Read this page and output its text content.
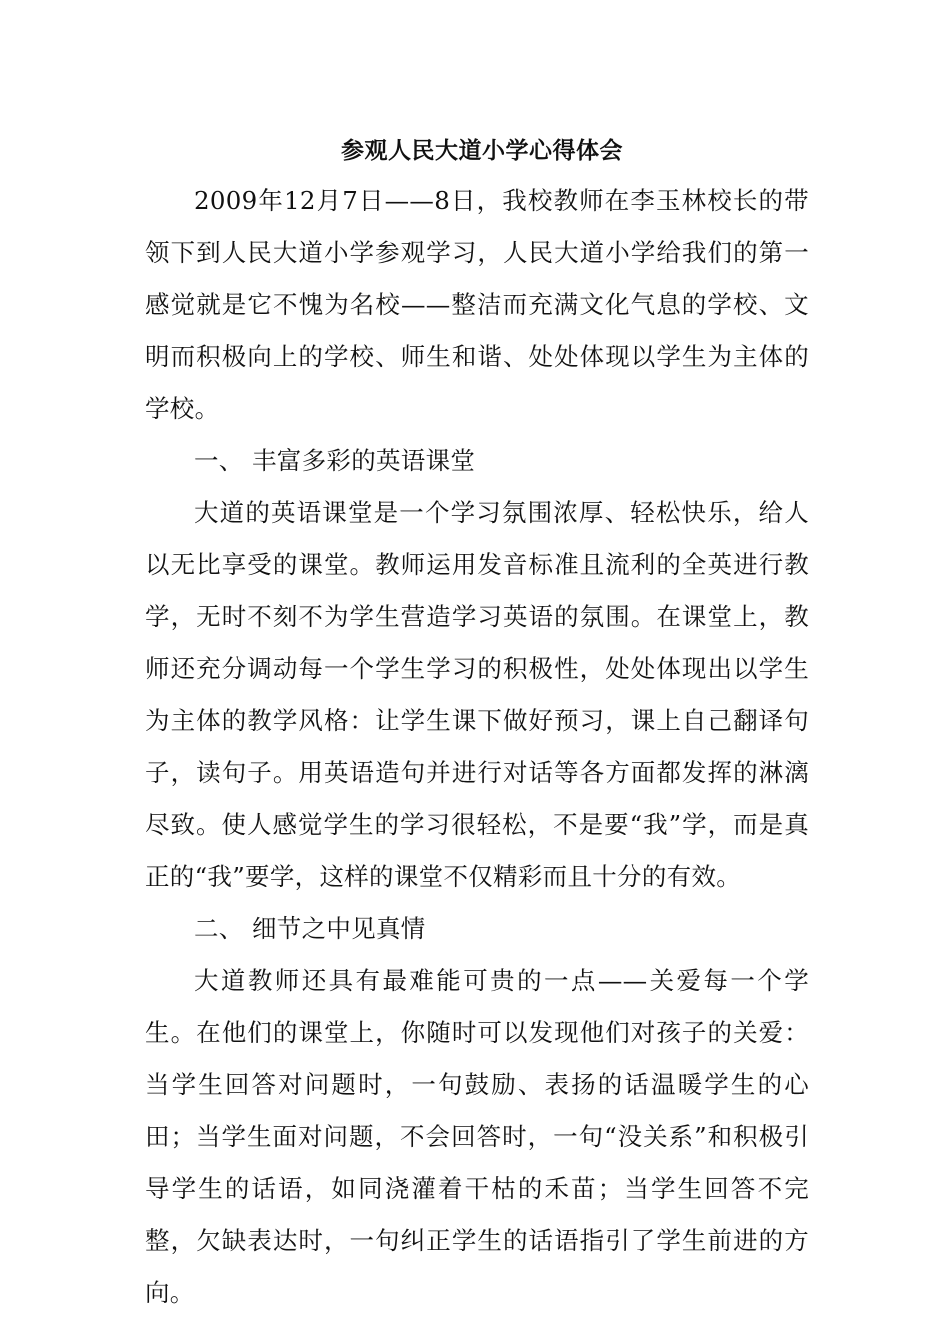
参观人民大道小学心得体会

2009年12月7日——8日，我校教师在李玉林校长的带领下到人民大道小学参观学习，人民大道小学给我们的第一感觉就是它不愧为名校——整洁而充满文化气息的学校、文明而积极向上的学校、师生和谐、处处体现以学生为主体的学校。

一、 丰富多彩的英语课堂

大道的英语课堂是一个学习氛围浓厚、轻松快乐，给人以无比享受的课堂。教师运用发音标准且流利的全英进行教学，无时不刻不为学生营造学习英语的氛围。在课堂上，教师还充分调动每一个学生学习的积极性，处处体现出以学生为主体的教学风格：让学生课下做好预习，课上自己翻译句子，读句子。用英语造句并进行对话等各方面都发挥的淋漓尽致。使人感觉学生的学习很轻松，不是要“我”学，而是真正的“我”要学，这样的课堂不仅精彩而且十分的有效。

二、 细节之中见真情

大道教师还具有最难能可贵的一点——关爱每一个学生。在他们的课堂上，你随时可以发现他们对孩子的关爱：当学生回答对问题时，一句鼓励、表扬的话温暖学生的心田；当学生面对问题，不会回答时，一句“没关系”和积极引导学生的话语，如同浇灌着干枯的禾苗；当学生回答不完整，欠缺表达时，一句纠正学生的话语指引了学生前进的方向。
